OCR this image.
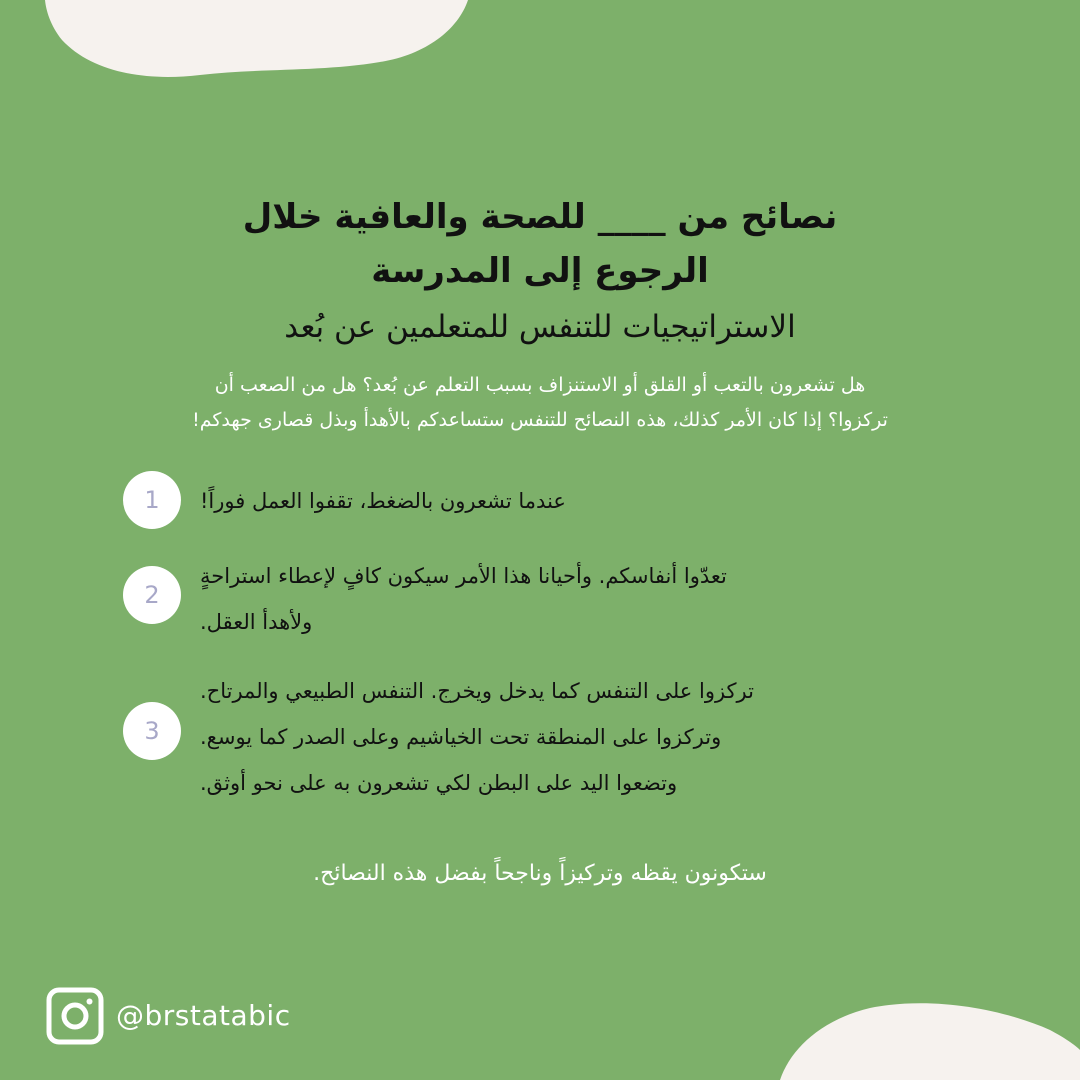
نصائح من ____ للصحة والعافية خلال
الرجوع إلى المدرسة
الاستراتيجيات للتنفس للمتعلمين عن بُعد
هل تشعرون بالتعب أو القلق أو الاستنزاف بسبب التعلم عن بُعد؟ هل من الصعب أن
تركزوا؟ إذا كان الأمر كذلك، هذه النصائح للتنفس ستساعدكم بالأهدأ وبذل قصارى جهدكم!
1	عندما تشعرون بالضغط، تقفوا العمل فوراً!
2
تعدّوا أنفاسكم. وأحيانا هذا الأمر سيكون كافٍ لإعطاء استراحةٍ
ولأهدأ العقل.
3
تركزوا على التنفس كما يدخل ويخرج. التنفس الطبيعي والمرتاح.
وتركزوا على المنطقة تحت الخياشيم وعلى الصدر كما يوسع.
وتضعوا اليد على البطن لكي تشعرون به على نحو أوثق.
ستكونون يقظه وتركيزاً وناجحاً بفضل هذه النصائح.
@brstatabic
